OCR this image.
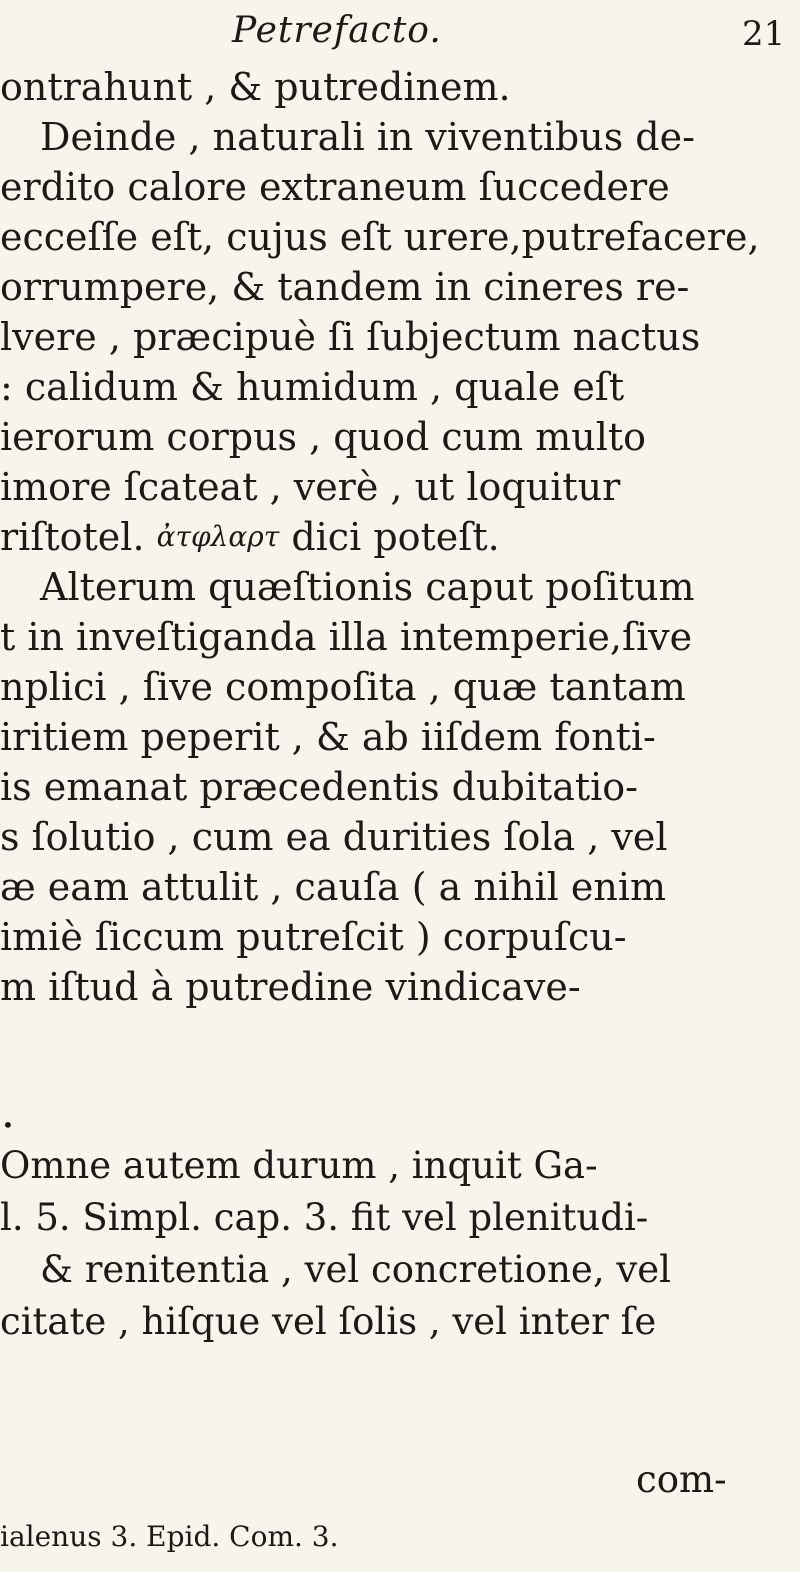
Petrefacto.	21
ontrahunt , & putredinem.
Deinde , naturali in viventibus de-
erdito calore extraneum ſuccedere
ecceſſe eſt, cujus eſt urere,putrefacere,
orrumpere, & tandem in cineres re-
lvere , præcipuè ſi ſubjectum nactus
: calidum & humidum , quale eſt
ierorum corpus , quod cum multo
imore ſcateat , verè , ut loquitur
riſtotel. ἀτφλαρτ dici poteſt.
Alterum quæſtionis caput poſitum
t in inveſtiganda illa intemperie,ſive
nplici , ſive compoſita , quæ tantam
iritiem peperit , & ab iiſdem fonti-
is emanat præcedentis dubitatio-
s ſolutio , cum ea durities ſola , vel
æ eam attulit , cauſa ( a nihil enim
imiè ſiccum putreſcit ) corpuſcu-
m iſtud à putredine vindicave-
•
Omne autem durum , inquit Ga-
l. 5. Simpl. cap. 3. fit vel plenitudi-
& renitentia , vel concretione, vel
citate , hiſque vel ſolis , vel inter ſe
com-
ialenus 3. Epid. Com. 3.
